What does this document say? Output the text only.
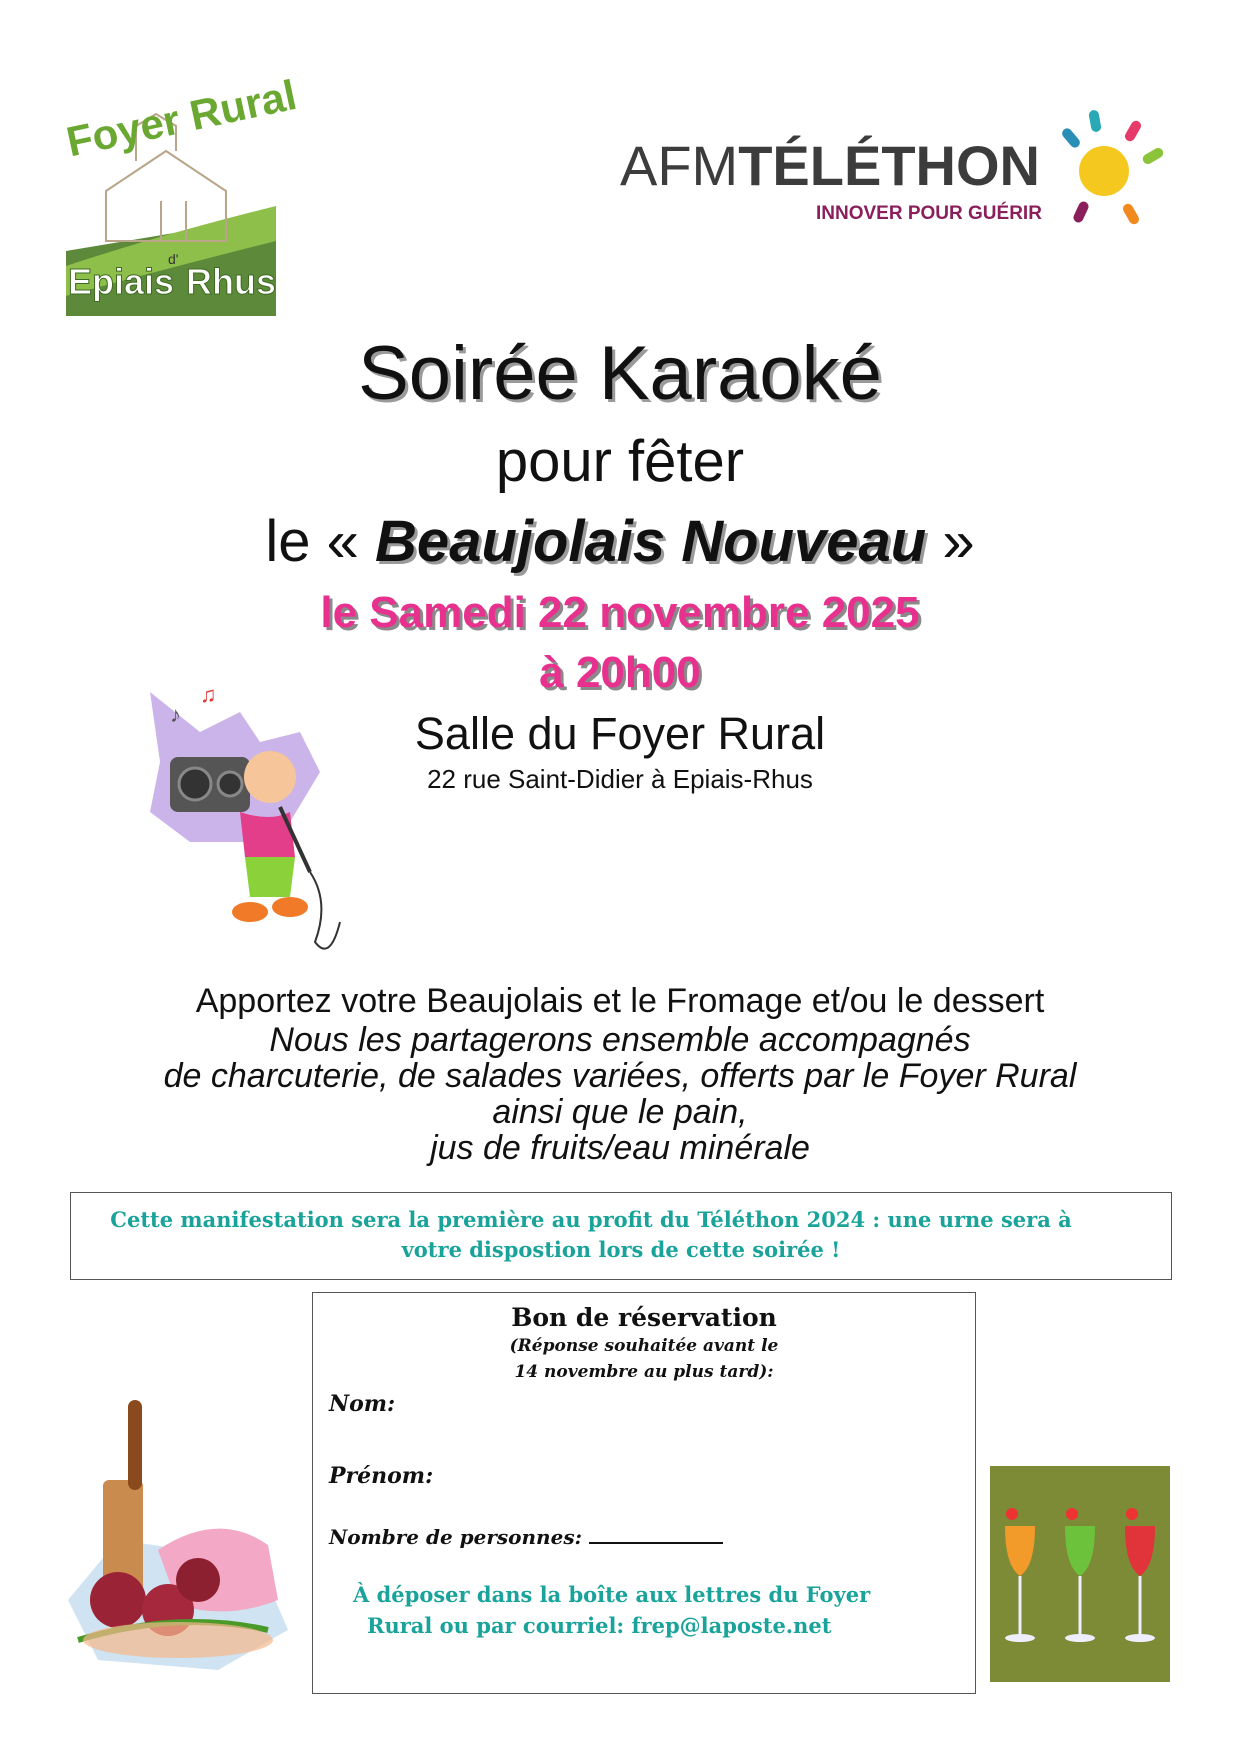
Foyer Rural
Epiais
d'
Rhus
AFMTÉLÉTHON
INNOVER POUR GUÉRIR
Soirée Karaoké
pour fêter
le « Beaujolais Nouveau »
le Samedi 22 novembre 2025
à 20h00
Salle du Foyer Rural
22 rue Saint-Didier à Epiais-Rhus
♪
♫
Apportez votre Beaujolais et le Fromage et/ou le dessert
Nous les partagerons ensemble accompagnés
de charcuterie, de salades variées, offerts par le Foyer Rural
ainsi que le pain,
jus de fruits/eau minérale
Cette manifestation sera la première au profit du Téléthon 2024 : une urne sera à
votre dispostion lors de cette soirée !
Bon de réservation
(Réponse souhaitée avant le
14 novembre au plus tard):
Nom:
Prénom:
Nombre de personnes:
À déposer dans la boîte aux lettres du Foyer
Rural ou par courriel: frep@laposte.net
